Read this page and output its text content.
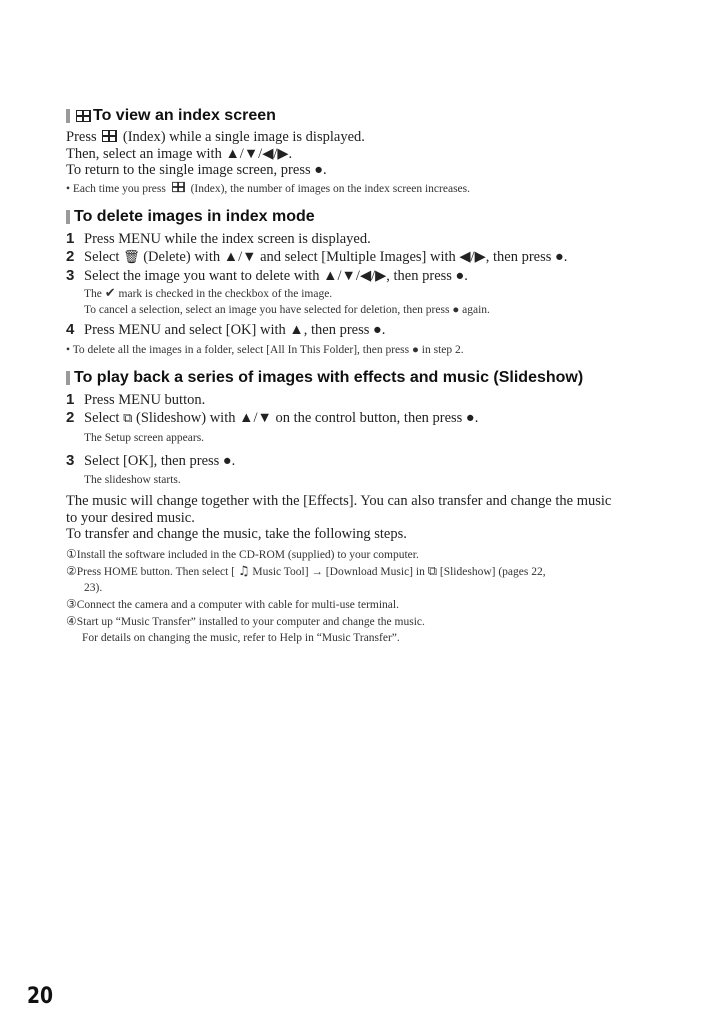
To view an index screen
Press (Index) while a single image is displayed.
Then, select an image with ▲/▼/◀/▶.
To return to the single image screen, press ●.
• Each time you press (Index), the number of images on the index screen increases.
To delete images in index mode
1 Press MENU while the index screen is displayed.
2 Select 🗑 (Delete) with ▲/▼ and select [Multiple Images] with ◀/▶, then press ●.
3 Select the image you want to delete with ▲/▼/◀/▶, then press ●.
The ✔ mark is checked in the checkbox of the image.
To cancel a selection, select an image you have selected for deletion, then press ● again.
4 Press MENU and select [OK] with ▲, then press ●.
• To delete all the images in a folder, select [All In This Folder], then press ● in step 2.
To play back a series of images with effects and music (Slideshow)
1 Press MENU button.
2 Select ⧉ (Slideshow) with ▲/▼ on the control button, then press ●.
The Setup screen appears.
3 Select [OK], then press ●.
The slideshow starts.
The music will change together with the [Effects]. You can also transfer and change the music
to your desired music.
To transfer and change the music, take the following steps.
①Install the software included in the CD-ROM (supplied) to your computer.
②Press HOME button. Then select [ ♫ Music Tool] → [Download Music] in ⧉ [Slideshow] (pages 22,
23).
③Connect the camera and a computer with cable for multi-use terminal.
④Start up “Music Transfer” installed to your computer and change the music.
For details on changing the music, refer to Help in “Music Transfer”.
20
